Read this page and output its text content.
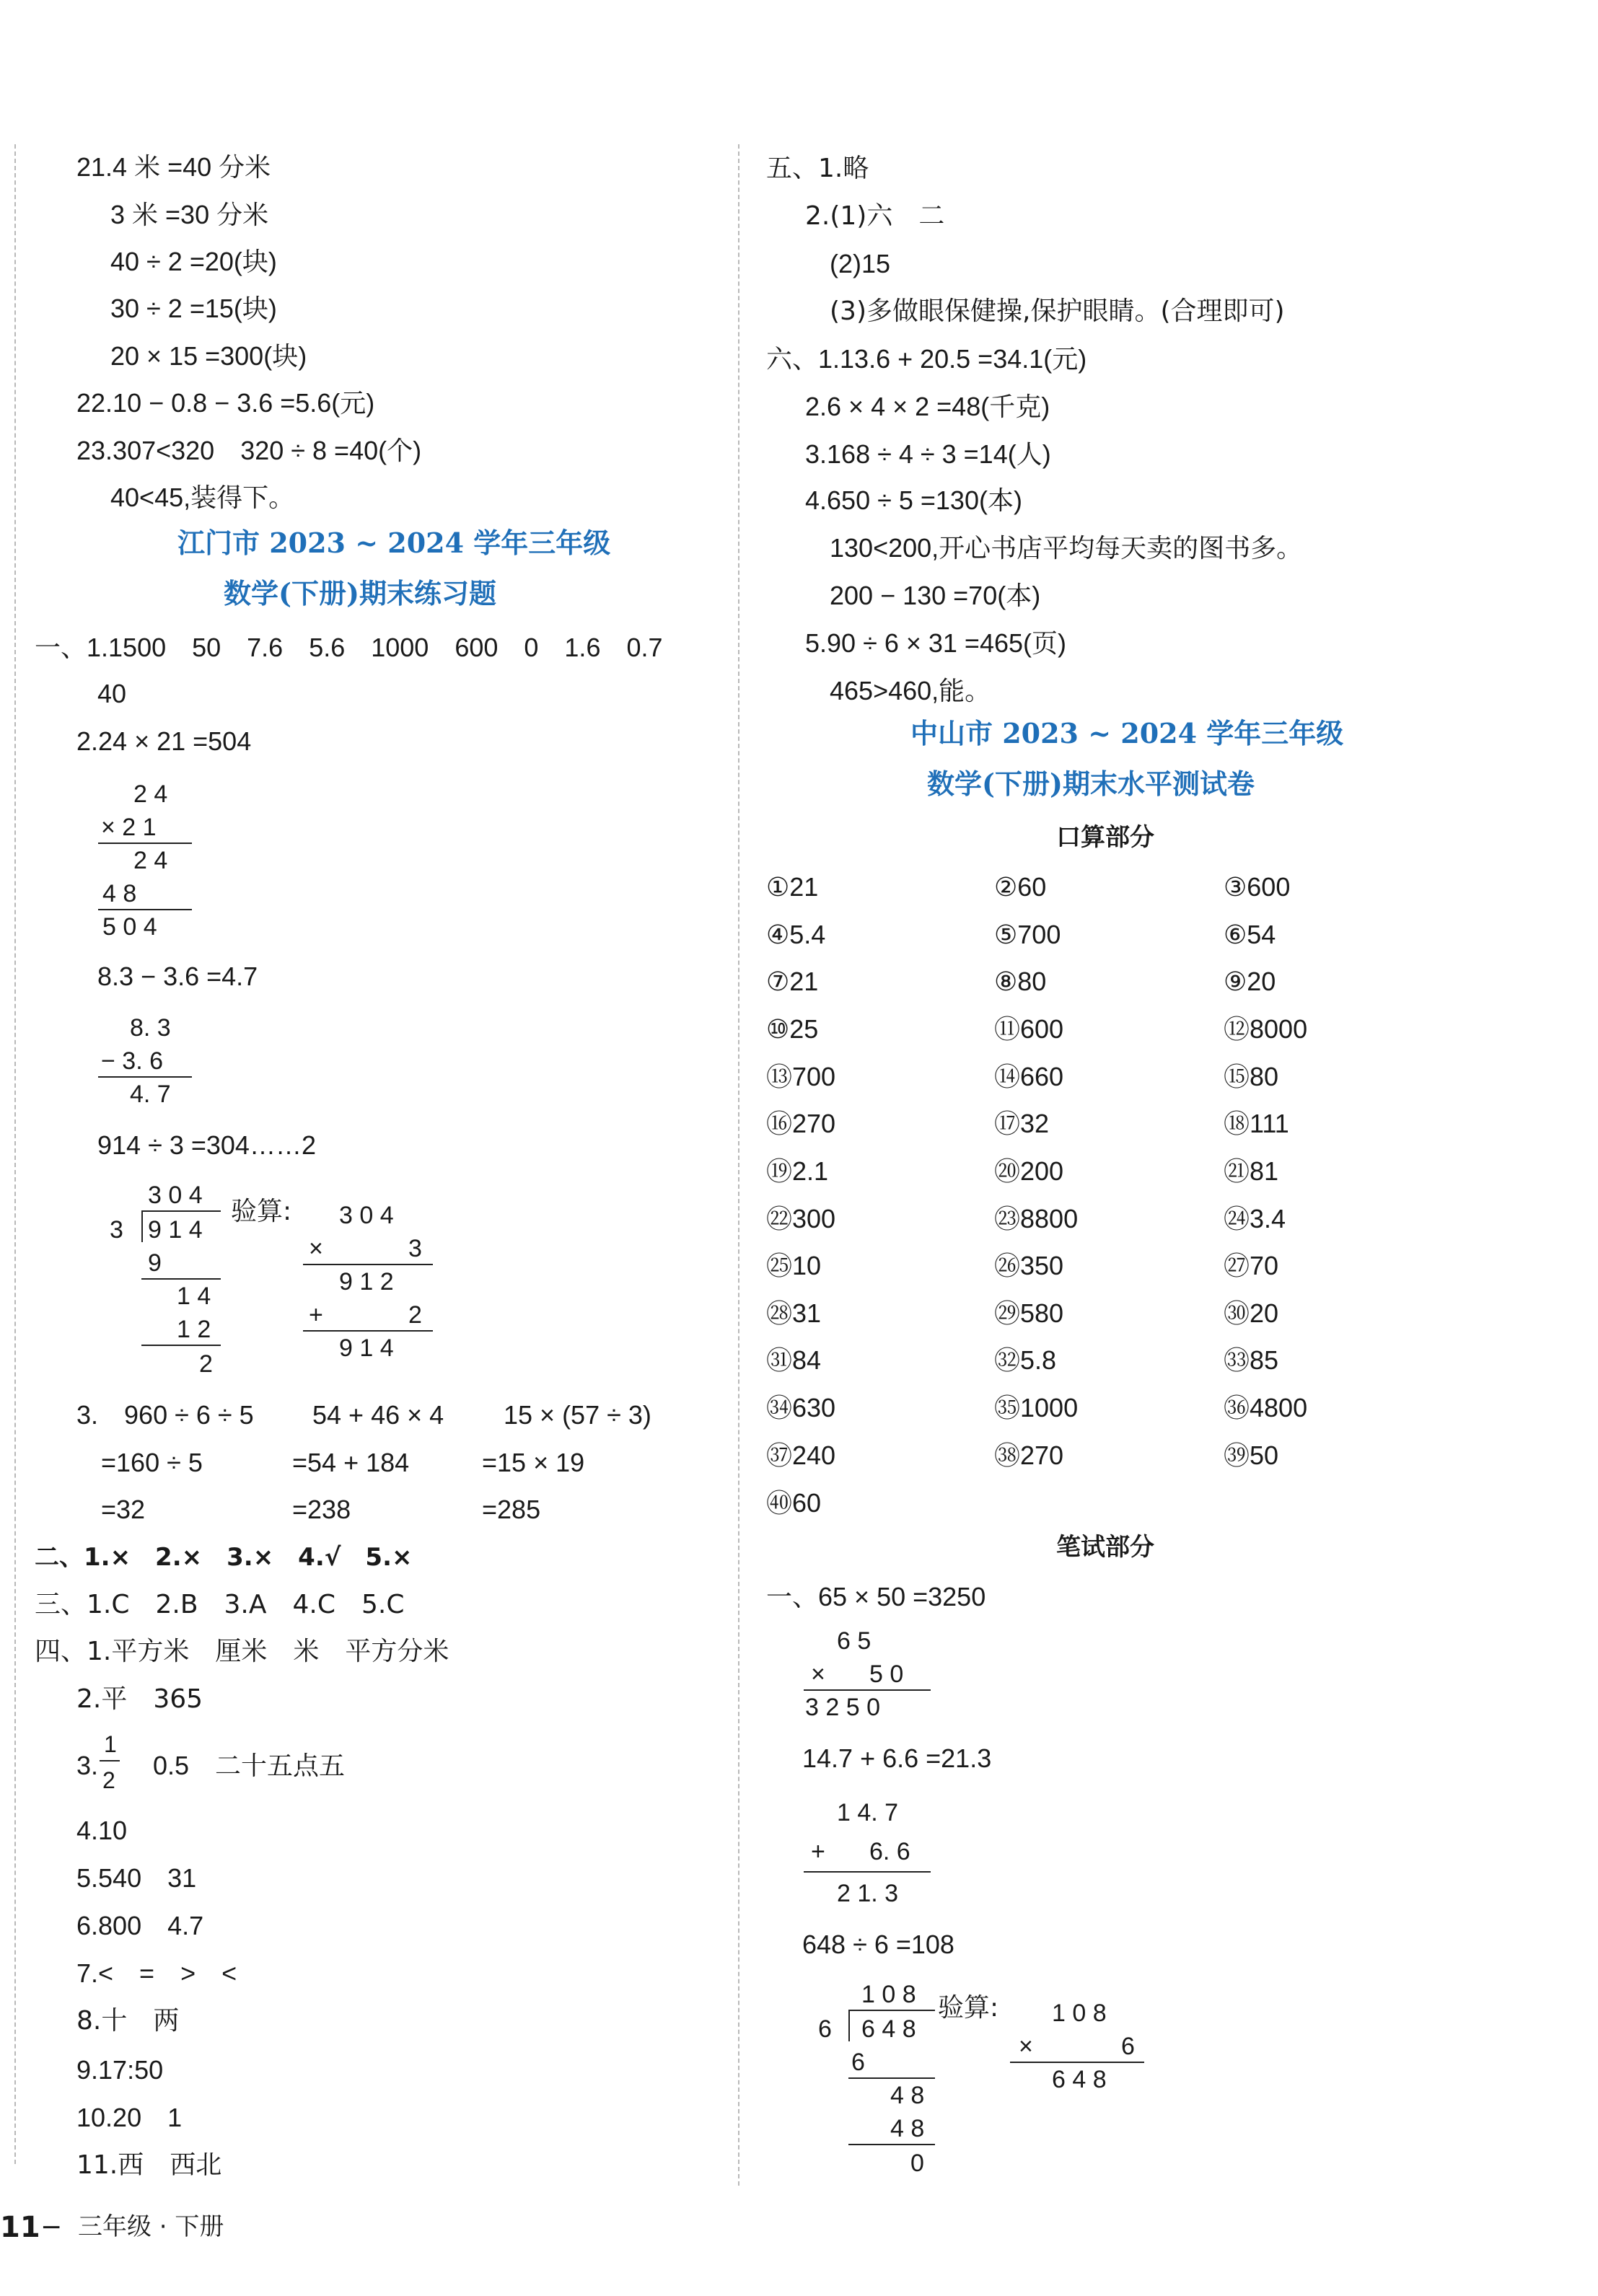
21.4 米 =40 分米
3 米 =30 分米
40 ÷ 2 =20(块)
30 ÷ 2 =15(块)
20 × 15 =300(块)
22.10 − 0.8 − 3.6 =5.6(元)
23.307<320　320 ÷ 8 =40(个)
40<45,装得下。
江门市 2023 ~ 2024 学年三年级
数学(下册)期末练习题
一、1.1500　50　7.6　5.6　1000　600　0　1.6　0.7
40
2.24 × 21 =504
2 4
× 2 1
2 4
4 8
5 0 4
8.3 − 3.6 =4.7
8. 3
− 3. 6
4. 7
914 ÷ 3 =304……2
3 0 4
3 9 1 4
9
1 4
1 2
2
验算: 3 0 4
×	3
9 1 2
+	2
9 1 4
3.　960 ÷ 6 ÷ 5
=160 ÷ 5
=32
54 + 46 × 4
=54 + 184
=238
15 × (57 ÷ 3)
=15 × 19
=285
二、1.×　2.×　3.×　4.√　5.×
三、1.C　2.B　3.A　4.C　5.C
四、1.平方米　厘米　米　平方分米
2.平　365
3.
1
2 0.5　二十五点五
4.10
5.540　31
6.800　4.7
7.<　=　>　<
8.十　两
9.17:50
10.20　1
11.西　西北
五、1.略
2.(1)六　二
(2)15
(3)多做眼保健操,保护眼睛。(合理即可)
六、1.13.6 + 20.5 =34.1(元)
2.6 × 4 × 2 =48(千克)
3.168 ÷ 4 ÷ 3 =14(人)
4.650 ÷ 5 =130(本)
130<200,开心书店平均每天卖的图书多。
200 − 130 =70(本)
5.90 ÷ 6 × 31 =465(页)
465>460,能。
中山市 2023 ~ 2024 学年三年级
数学(下册)期末水平测试卷
口算部分
①21	②60	③600
④5.4	⑤700	⑥54
⑦21	⑧80	⑨20
⑩25	⑪600	⑫8000
⑬700	⑭660	⑮80
⑯270	⑰32	⑱111
⑲2.1	⑳200	㉑81
㉒300	㉓8800	㉔3.4
㉕10	㉖350	㉗70
㉘31	㉙580	㉚20
㉛84	㉜5.8	㉝85
㉞630	㉟1000	㊱4800
㊲240	㊳270	㊴50
㊵60
笔试部分
一、65 × 50 =3250
6 5
× 5 0
3 2 5 0
14.7 + 6.6 =21.3
1 4. 7
+ 6. 6
2 1. 3
648 ÷ 6 =108
1 0 8
6 6 4 8
6
4 8
4 8
0
验算: 1 0 8
×	6
6 4 8
11 − 三年级 · 下册
